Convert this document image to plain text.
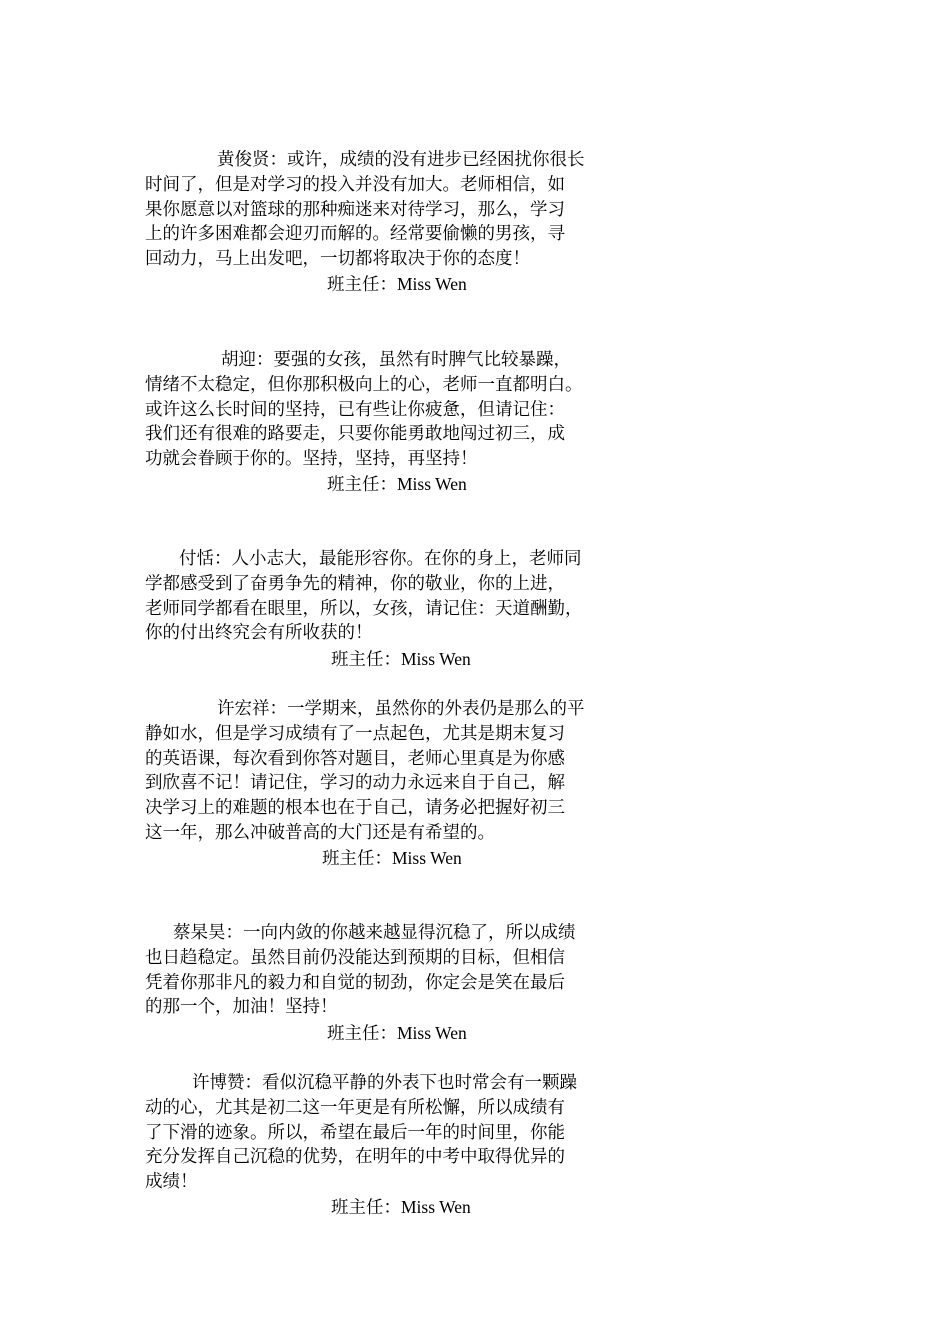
黄俊贤：或许，成绩的没有进步已经困扰你很长
时间了，但是对学习的投入并没有加大。老师相信，如
果你愿意以对篮球的那种痴迷来对待学习，那么，学习
上的许多困难都会迎刃而解的。经常要偷懒的男孩，寻
回动力，马上出发吧，一切都将取决于你的态度！
班主任：Miss Wen
胡迎：要强的女孩，虽然有时脾气比较暴躁，
情绪不太稳定，但你那积极向上的心，老师一直都明白。
或许这么长时间的坚持，已有些让你疲惫，但请记住：
我们还有很难的路要走，只要你能勇敢地闯过初三，成
功就会眷顾于你的。坚持，坚持，再坚持！
班主任：Miss Wen
付恬：人小志大，最能形容你。在你的身上，老师同
学都感受到了奋勇争先的精神，你的敬业，你的上进，
老师同学都看在眼里，所以，女孩，请记住：天道酬勤，
你的付出终究会有所收获的！
班主任：Miss Wen
许宏祥：一学期来，虽然你的外表仍是那么的平
静如水，但是学习成绩有了一点起色，尤其是期末复习
的英语课，每次看到你答对题目，老师心里真是为你感
到欣喜不记！请记住，学习的动力永远来自于自己，解
决学习上的难题的根本也在于自己，请务必把握好初三
这一年，那么冲破普高的大门还是有希望的。
班主任：Miss Wen
蔡杲昊：一向内敛的你越来越显得沉稳了，所以成绩
也日趋稳定。虽然目前仍没能达到预期的目标，但相信
凭着你那非凡的毅力和自觉的韧劲，你定会是笑在最后
的那一个，加油！坚持！
班主任：Miss Wen
许博赞：看似沉稳平静的外表下也时常会有一颗躁
动的心，尤其是初二这一年更是有所松懈，所以成绩有
了下滑的迹象。所以，希望在最后一年的时间里，你能
充分发挥自己沉稳的优势，在明年的中考中取得优异的
成绩！
班主任：Miss Wen
